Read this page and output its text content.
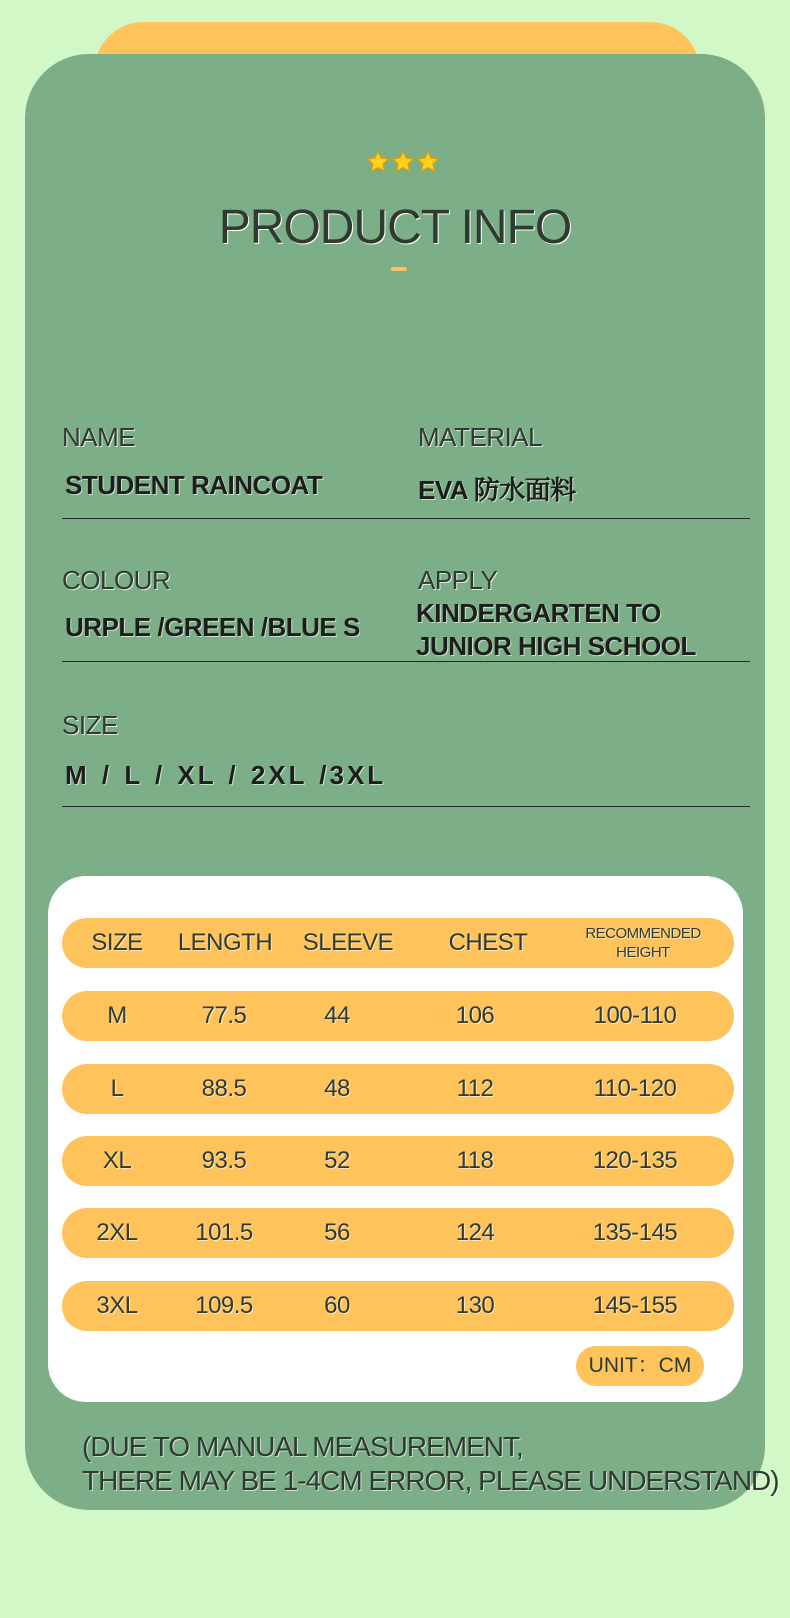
PRODUCT INFO
NAME
STUDENT RAINCOAT
MATERIAL
EVA 防水面料
COLOUR
URPLE /GREEN /BLUE S
APPLY
KINDERGARTEN TO
JUNIOR HIGH SCHOOL
SIZE
M / L / XL / 2XL /3XL
SIZE	LENGTH	SLEEVE	CHEST	RECOMMENDED
HEIGHT
M	77.5	44	106	100-110
L	88.5	48	112	110-120
XL	93.5	52	118	120-135
2XL	101.5	56	124	135-145
3XL	109.5	60	130	145-155
UNIT：CM
(DUE TO MANUAL MEASUREMENT,
THERE MAY BE 1-4CM ERROR, PLEASE UNDERSTAND)
